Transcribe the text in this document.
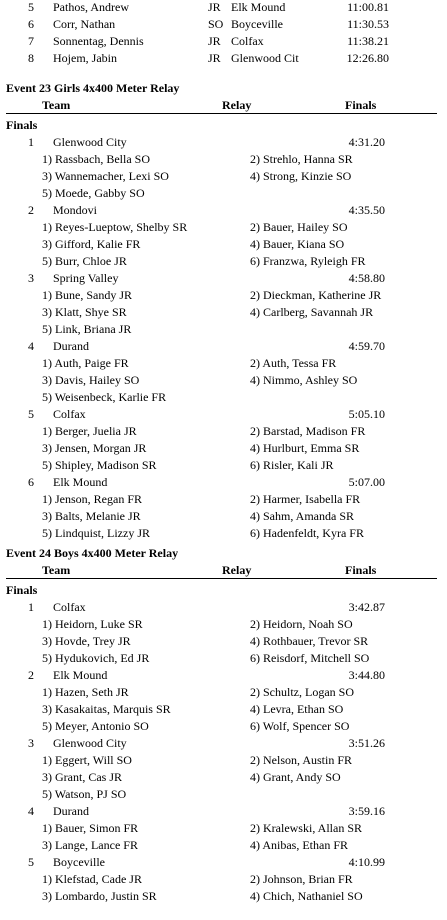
5 Pathos, Andrew	JR Elk Mound	11:00.81
6 Corr, Nathan	SO Boyceville	11:30.53
7 Sonnentag, Dennis	JR Colfax	11:38.21
8 Hojem, Jabin	JR Glenwood Cit	12:26.80
Event 23 Girls 4x400 Meter Relay
Team	Relay	Finals
Finals
1 Glenwood City	4:31.20
1) Rassbach, Bella SO	2) Strehlo, Hanna SR
3) Wannemacher, Lexi SO	4) Strong, Kinzie SO
5) Moede, Gabby SO
2 Mondovi	4:35.50
1) Reyes-Lueptow, Shelby SR	2) Bauer, Hailey SO
3) Gifford, Kalie FR	4) Bauer, Kiana SO
5) Burr, Chloe JR	6) Franzwa, Ryleigh FR
3 Spring Valley	4:58.80
1) Bune, Sandy JR	2) Dieckman, Katherine JR
3) Klatt, Shye SR	4) Carlberg, Savannah JR
5) Link, Briana JR
4 Durand	4:59.70
1) Auth, Paige FR	2) Auth, Tessa FR
3) Davis, Hailey SO	4) Nimmo, Ashley SO
5) Weisenbeck, Karlie FR
5 Colfax	5:05.10
1) Berger, Juelia JR	2) Barstad, Madison FR
3) Jensen, Morgan JR	4) Hurlburt, Emma SR
5) Shipley, Madison SR	6) Risler, Kali JR
6 Elk Mound	5:07.00
1) Jenson, Regan FR	2) Harmer, Isabella FR
3) Balts, Melanie JR	4) Sahm, Amanda SR
5) Lindquist, Lizzy JR	6) Hadenfeldt, Kyra FR
Event 24 Boys 4x400 Meter Relay
Team	Relay	Finals
Finals
1 Colfax	3:42.87
1) Heidorn, Luke SR	2) Heidorn, Noah SO
3) Hovde, Trey JR	4) Rothbauer, Trevor SR
5) Hydukovich, Ed JR	6) Reisdorf, Mitchell SO
2 Elk Mound	3:44.80
1) Hazen, Seth JR	2) Schultz, Logan SO
3) Kasakaitas, Marquis SR	4) Levra, Ethan SO
5) Meyer, Antonio SO	6) Wolf, Spencer SO
3 Glenwood City	3:51.26
1) Eggert, Will SO	2) Nelson, Austin FR
3) Grant, Cas JR	4) Grant, Andy SO
5) Watson, PJ SO
4 Durand	3:59.16
1) Bauer, Simon FR	2) Kralewski, Allan SR
3) Lange, Lance FR	4) Anibas, Ethan FR
5 Boyceville	4:10.99
1) Klefstad, Cade JR	2) Johnson, Brian FR
3) Lombardo, Justin SR	4) Chich, Nathaniel SO
